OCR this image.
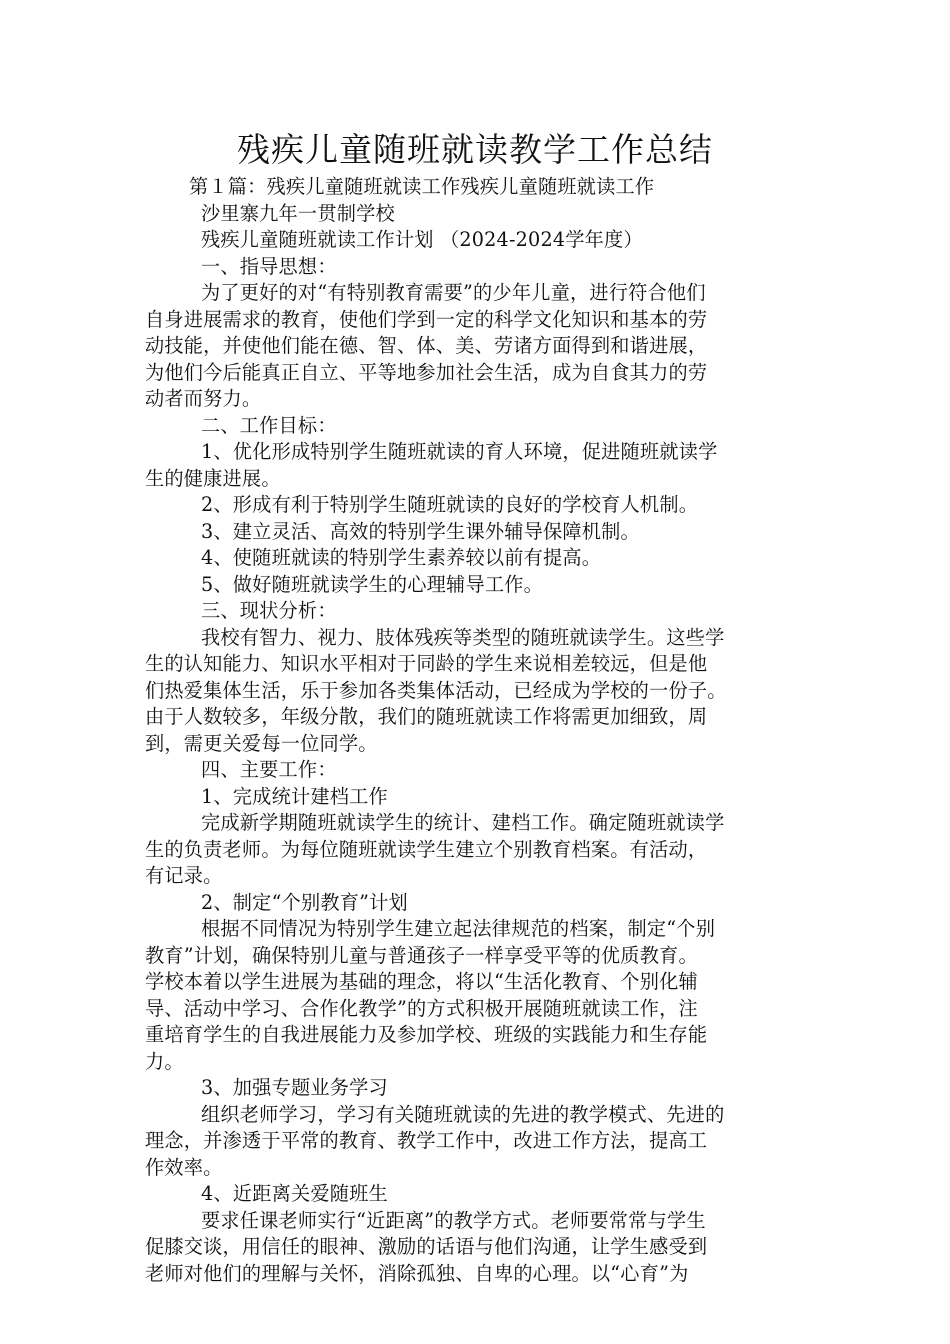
残疾儿童随班就读教学工作总结
第１篇：残疾儿童随班就读工作残疾儿童随班就读工作
沙里寨九年一贯制学校
残疾儿童随班就读工作计划 （2024-2024学年度）
一、指导思想：
为了更好的对“有特别教育需要”的少年儿童，进行符合他们
自身进展需求的教育，使他们学到一定的科学文化知识和基本的劳
动技能，并使他们能在德、智、体、美、劳诸方面得到和谐进展，
为他们今后能真正自立、平等地参加社会生活，成为自食其力的劳
动者而努力。
二、工作目标：
1、优化形成特别学生随班就读的育人环境，促进随班就读学
生的健康进展。
2、形成有利于特别学生随班就读的良好的学校育人机制。
3、建立灵活、高效的特别学生课外辅导保障机制。
4、使随班就读的特别学生素养较以前有提高。
5、做好随班就读学生的心理辅导工作。
三、现状分析：
我校有智力、视力、肢体残疾等类型的随班就读学生。这些学
生的认知能力、知识水平相对于同龄的学生来说相差较远，但是他
们热爱集体生活，乐于参加各类集体活动，已经成为学校的一份子。
由于人数较多，年级分散，我们的随班就读工作将需更加细致，周
到，需更关爱每一位同学。
四、主要工作：
1、完成统计建档工作
完成新学期随班就读学生的统计、建档工作。确定随班就读学
生的负责老师。为每位随班就读学生建立个别教育档案。有活动，
有记录。
2、制定“个别教育”计划
根据不同情况为特别学生建立起法律规范的档案，制定“个别
教育”计划，确保特别儿童与普通孩子一样享受平等的优质教育。
学校本着以学生进展为基础的理念，将以“生活化教育、个别化辅
导、活动中学习、合作化教学”的方式积极开展随班就读工作，注
重培育学生的自我进展能力及参加学校、班级的实践能力和生存能
力。
3、加强专题业务学习
组织老师学习，学习有关随班就读的先进的教学模式、先进的
理念，并渗透于平常的教育、教学工作中，改进工作方法，提高工
作效率。
4、近距离关爱随班生
要求任课老师实行“近距离”的教学方式。老师要常常与学生
促膝交谈，用信任的眼神、激励的话语与他们沟通，让学生感受到
老师对他们的理解与关怀，消除孤独、自卑的心理。以“心育”为
